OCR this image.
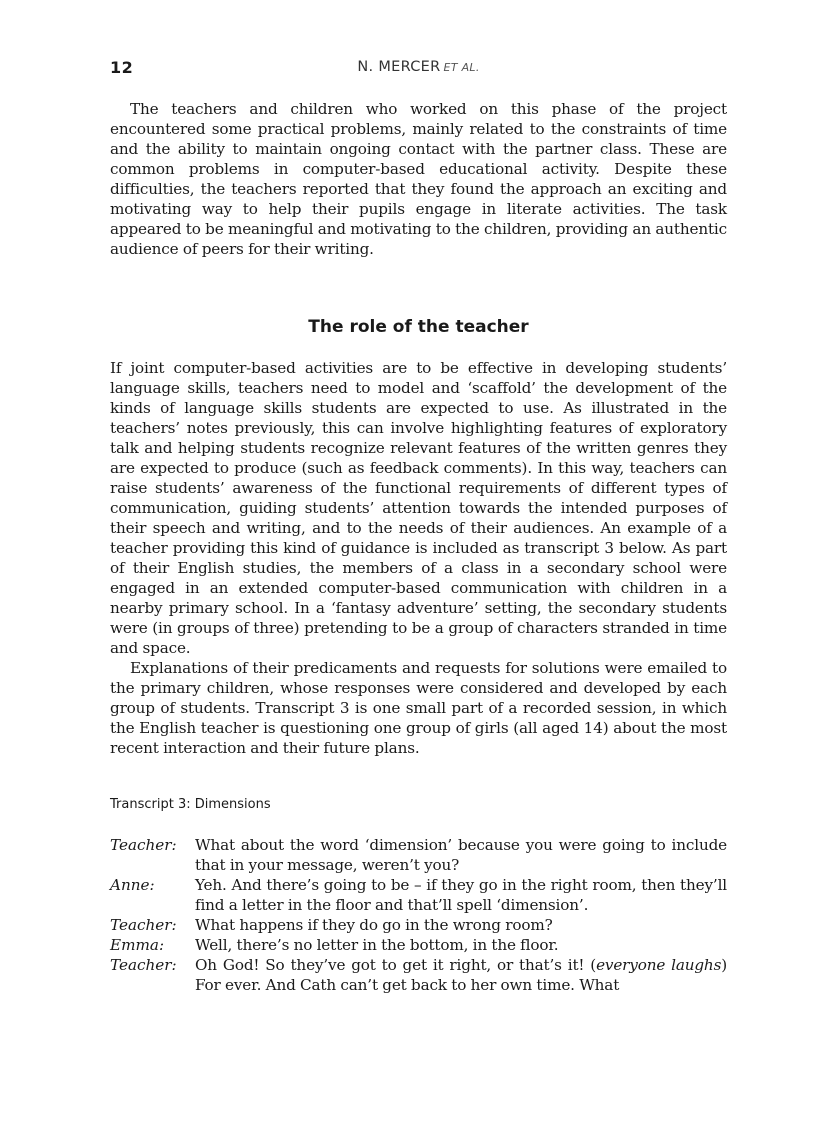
12	N. MERCER ET AL.

The teachers and children who worked on this phase of the project encountered some practical problems, mainly related to the constraints of time and the ability to maintain ongoing contact with the partner class. These are common problems in computer-based educational activity. Despite these difficulties, the teachers reported that they found the approach an exciting and motivating way to help their pupils engage in literate activities. The task appeared to be meaningful and motivating to the children, providing an authentic audience of peers for their writing.

The role of the teacher

If joint computer-based activities are to be effective in developing students’ language skills, teachers need to model and ‘scaffold’ the development of the kinds of language skills students are expected to use. As illustrated in the teachers’ notes previously, this can involve highlighting features of exploratory talk and helping students recognize relevant features of the written genres they are expected to produce (such as feedback comments). In this way, teachers can raise students’ awareness of the functional requirements of different types of communication, guiding students’ attention towards the intended purposes of their speech and writing, and to the needs of their audiences. An example of a teacher providing this kind of guidance is included as transcript 3 below. As part of their English studies, the members of a class in a secondary school were engaged in an extended computer-based communication with children in a nearby primary school. In a ‘fantasy adventure’ setting, the secondary students were (in groups of three) pretending to be a group of characters stranded in time and space.

Explanations of their predicaments and requests for solutions were emailed to the primary children, whose responses were considered and developed by each group of students. Transcript 3 is one small part of a recorded session, in which the English teacher is questioning one group of girls (all aged 14) about the most recent interaction and their future plans.

Transcript 3: Dimensions
Teacher:	What about the word ‘dimension’ because you were going to include that in your message, weren’t you?
Anne:	Yeh. And there’s going to be – if they go in the right room, then they’ll find a letter in the floor and that’ll spell ‘dimension’.
Teacher:	What happens if they do go in the wrong room?
Emma:	Well, there’s no letter in the bottom, in the floor.
Teacher:	Oh God! So they’ve got to get it right, or that’s it! (everyone laughs) For ever. And Cath can’t get back to her own time. What
